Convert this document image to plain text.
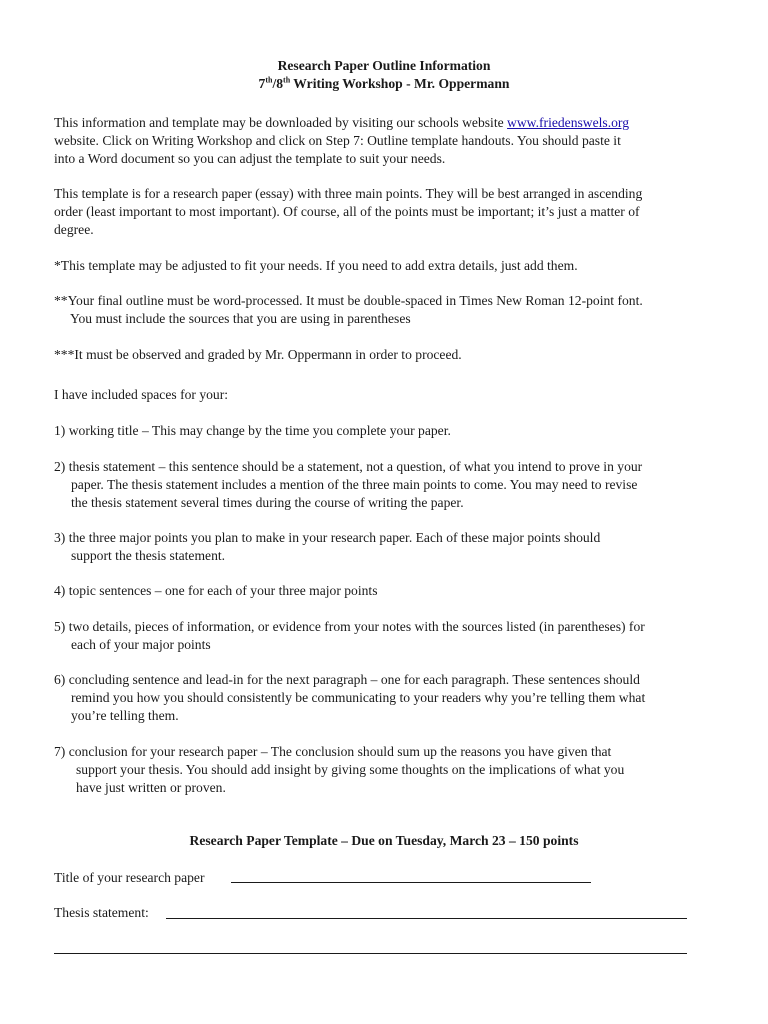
Research Paper Outline Information
7th/8th Writing Workshop - Mr. Oppermann

This information and template may be downloaded by visiting our schools website www.friedenswels.org
website. Click on Writing Workshop and click on Step 7: Outline template handouts. You should paste it
into a Word document so you can adjust the template to suit your needs.

This template is for a research paper (essay) with three main points. They will be best arranged in ascending
order (least important to most important). Of course, all of the points must be important; it’s just a matter of
degree.

*This template may be adjusted to fit your needs. If you need to add extra details, just add them.

**Your final outline must be word-processed. It must be double-spaced in Times New Roman 12-point font.
You must include the sources that you are using in parentheses

***It must be observed and graded by Mr. Oppermann in order to proceed.

I have included spaces for your:

1) working title – This may change by the time you complete your paper.

2) thesis statement – this sentence should be a statement, not a question, of what you intend to prove in your
paper. The thesis statement includes a mention of the three main points to come. You may need to revise
the thesis statement several times during the course of writing the paper.

3) the three major points you plan to make in your research paper. Each of these major points should
support the thesis statement.

4) topic sentences – one for each of your three major points

5) two details, pieces of information, or evidence from your notes with the sources listed (in parentheses) for
each of your major points

6) concluding sentence and lead-in for the next paragraph – one for each paragraph. These sentences should
remind you how you should consistently be communicating to your readers why you’re telling them what
you’re telling them.

7) conclusion for your research paper – The conclusion should sum up the reasons you have given that
support your thesis. You should add insight by giving some thoughts on the implications of what you
have just written or proven.

Research Paper Template – Due on Tuesday, March 23 – 150 points
Title of your research paper
Thesis statement:
